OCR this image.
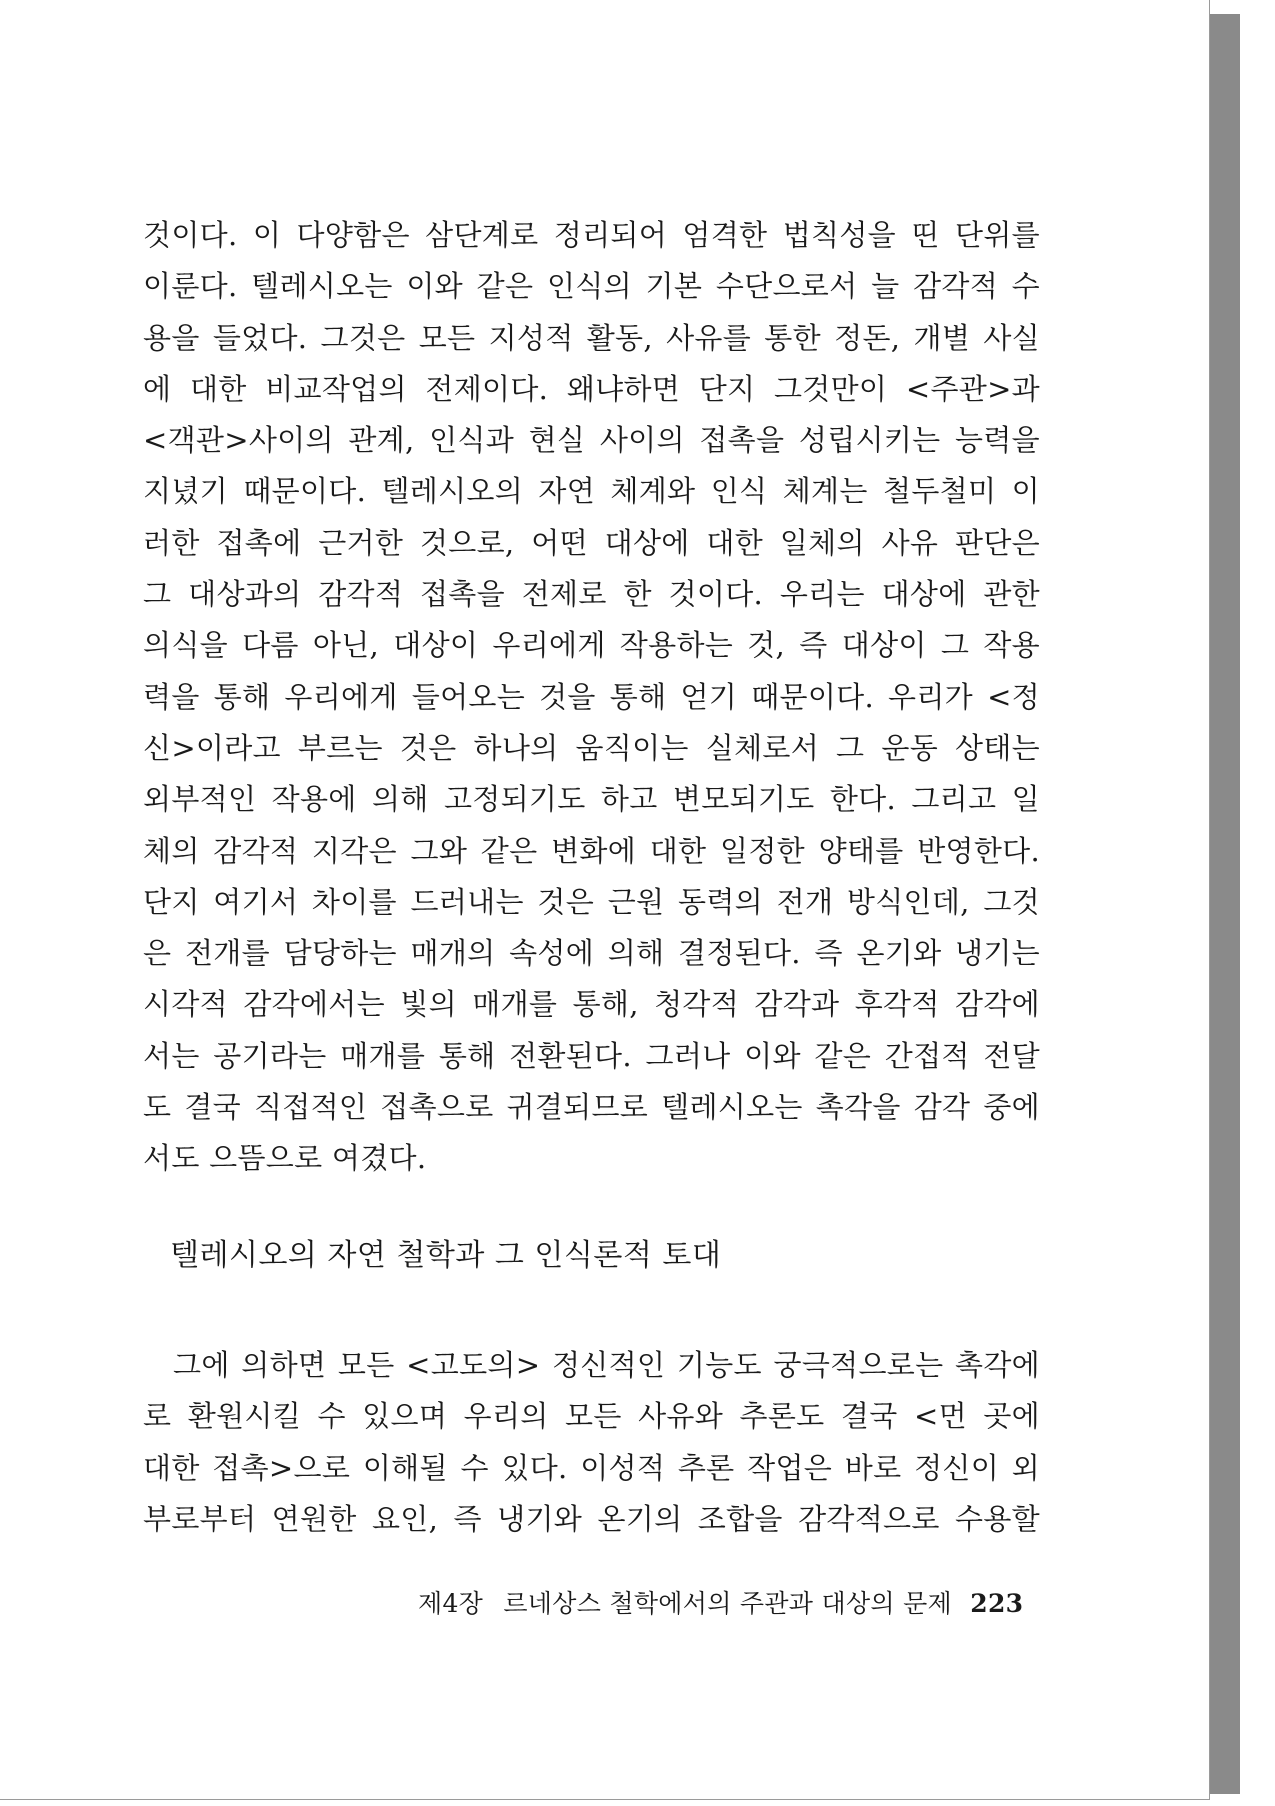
것이다. 이 다양함은 삼단계로 정리되어 엄격한 법칙성을 띤 단위를
이룬다. 텔레시오는 이와 같은 인식의 기본 수단으로서 늘 감각적 수
용을 들었다. 그것은 모든 지성적 활동, 사유를 통한 정돈, 개별 사실
에 대한 비교작업의 전제이다. 왜냐하면 단지 그것만이 <주관>과
<객관>사이의 관계, 인식과 현실 사이의 접촉을 성립시키는 능력을
지녔기 때문이다. 텔레시오의 자연 체계와 인식 체계는 철두철미 이
러한 접촉에 근거한 것으로, 어떤 대상에 대한 일체의 사유 판단은
그 대상과의 감각적 접촉을 전제로 한 것이다. 우리는 대상에 관한
의식을 다름 아닌, 대상이 우리에게 작용하는 것, 즉 대상이 그 작용
력을 통해 우리에게 들어오는 것을 통해 얻기 때문이다. 우리가 <정
신>이라고 부르는 것은 하나의 움직이는 실체로서 그 운동 상태는
외부적인 작용에 의해 고정되기도 하고 변모되기도 한다. 그리고 일
체의 감각적 지각은 그와 같은 변화에 대한 일정한 양태를 반영한다.
단지 여기서 차이를 드러내는 것은 근원 동력의 전개 방식인데, 그것
은 전개를 담당하는 매개의 속성에 의해 결정된다. 즉 온기와 냉기는
시각적 감각에서는 빛의 매개를 통해, 청각적 감각과 후각적 감각에
서는 공기라는 매개를 통해 전환된다. 그러나 이와 같은 간접적 전달
도 결국 직접적인 접촉으로 귀결되므로 텔레시오는 촉각을 감각 중에
서도 으뜸으로 여겼다.

텔레시오의 자연 철학과 그 인식론적 토대

그에 의하면 모든 <고도의> 정신적인 기능도 궁극적으로는 촉각에
로 환원시킬 수 있으며 우리의 모든 사유와 추론도 결국 <먼 곳에
대한 접촉>으로 이해될 수 있다. 이성적 추론 작업은 바로 정신이 외
부로부터 연원한 요인, 즉 냉기와 온기의 조합을 감각적으로 수용할

제4장 르네상스 철학에서의 주관과 대상의 문제 223
